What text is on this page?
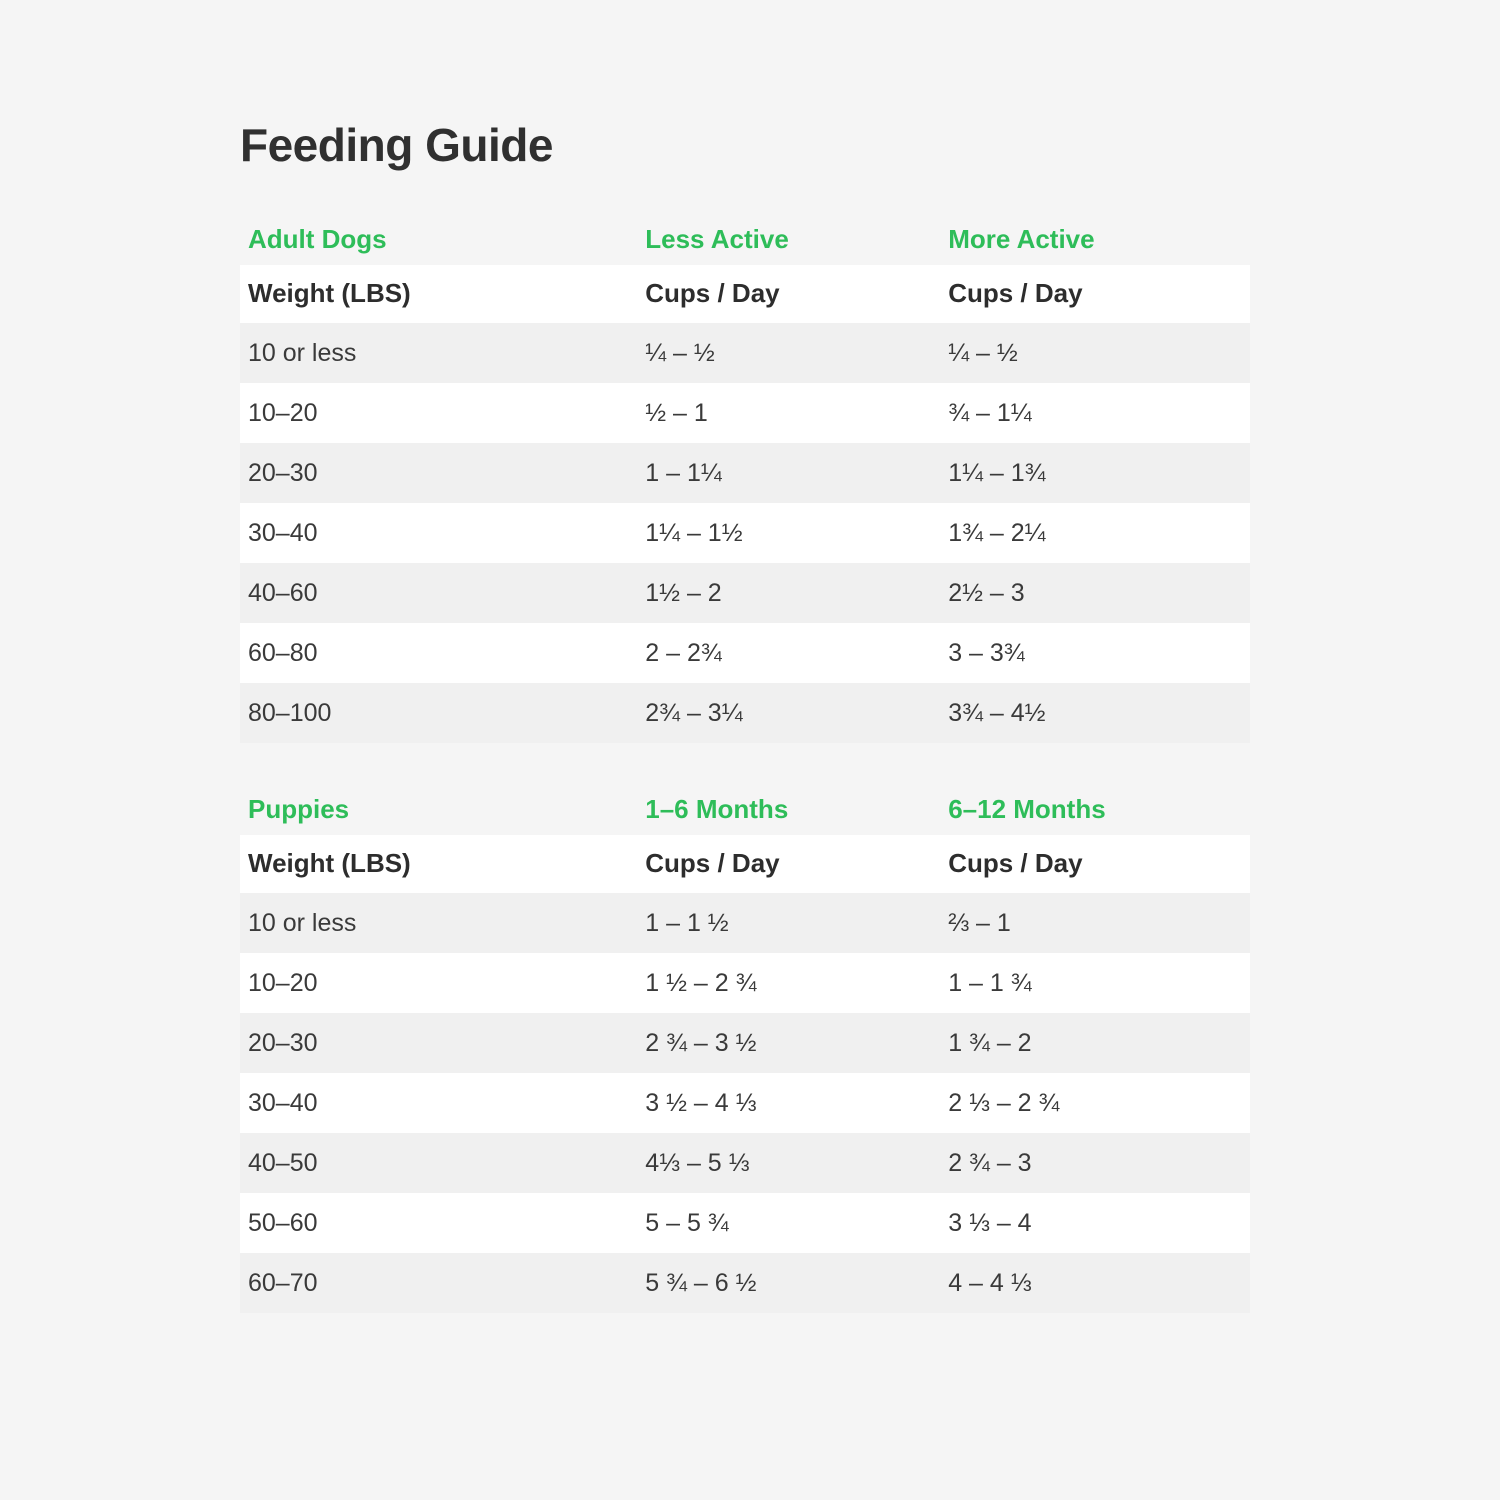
Feeding Guide
Adult Dogs	Less Active	More Active
Weight (LBS)	Cups / Day	Cups / Day
10 or less	¼ – ½	¼ – ½
10–20	½ – 1	¾ – 1¼
20–30	1 – 1¼	1¼ – 1¾
30–40	1¼ – 1½	1¾ – 2¼
40–60	1½ – 2	2½ – 3
60–80	2 – 2¾	3 – 3¾
80–100	2¾ – 3¼	3¾ – 4½
Puppies	1–6 Months	6–12 Months
Weight (LBS)	Cups / Day	Cups / Day
10 or less	1 – 1 ½	⅔ – 1
10–20	1 ½ – 2 ¾	1 – 1 ¾
20–30	2 ¾ – 3 ½	1 ¾ – 2
30–40	3 ½ – 4 ⅓	2 ⅓ – 2 ¾
40–50	4⅓ – 5 ⅓	2 ¾ – 3
50–60	5 – 5 ¾	3 ⅓ – 4
60–70	5 ¾ – 6 ½	4 – 4 ⅓
